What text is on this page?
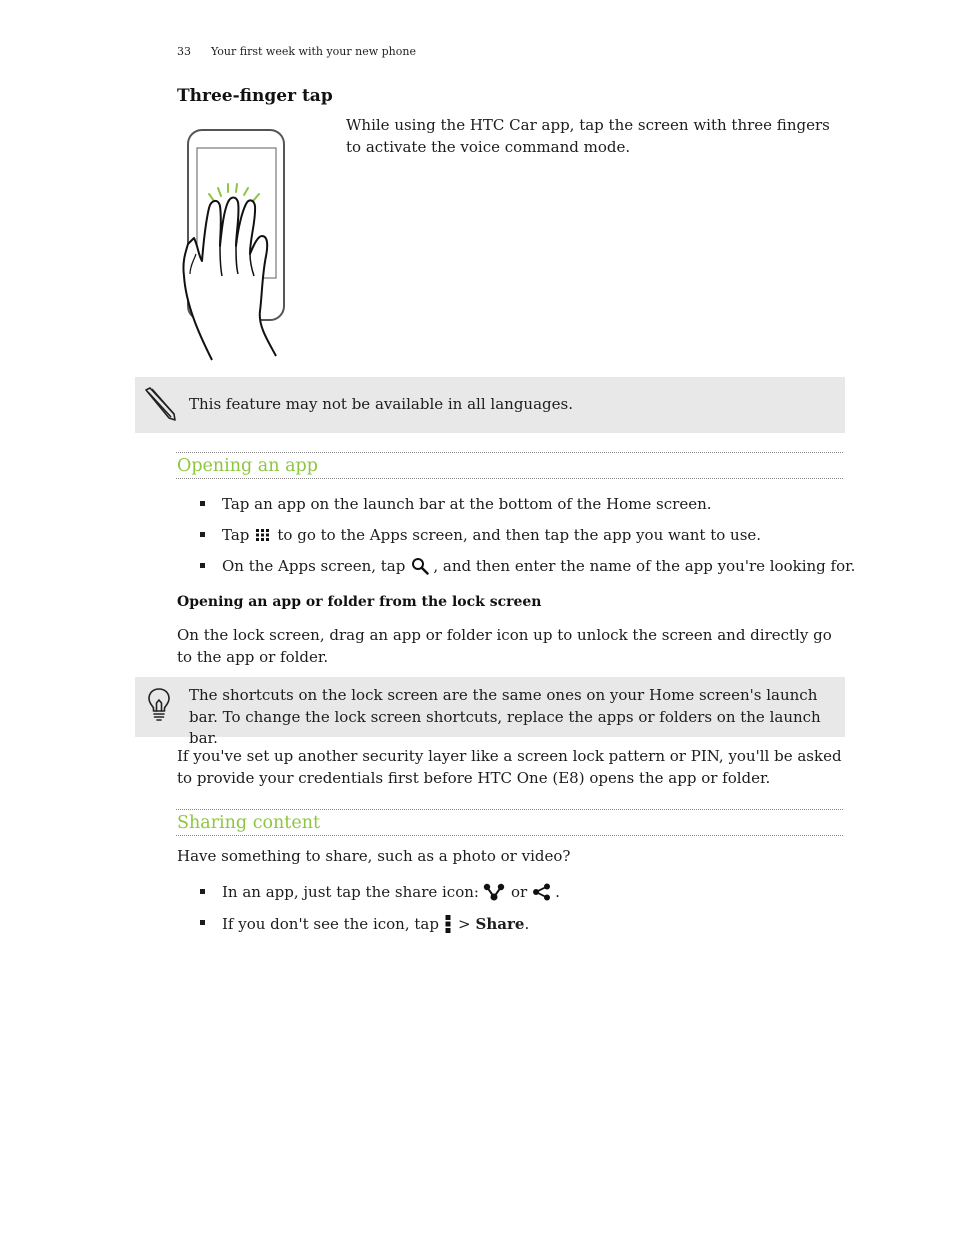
33 Your first week with your new phone
Three-finger tap
While using the HTC Car app, tap the screen with three fingers to activate the voice command mode.
This feature may not be available in all languages.
Opening an app
Tap an app on the launch bar at the bottom of the Home screen.
Tap to go to the Apps screen, and then tap the app you want to use.
On the Apps screen, tap , and then enter the name of the app you're looking for.
Opening an app or folder from the lock screen
On the lock screen, drag an app or folder icon up to unlock the screen and directly go to the app or folder.
The shortcuts on the lock screen are the same ones on your Home screen's launch bar. To change the lock screen shortcuts, replace the apps or folders on the launch bar.
If you've set up another security layer like a screen lock pattern or PIN, you'll be asked to provide your credentials first before HTC One (E8) opens the app or folder.
Sharing content
Have something to share, such as a photo or video?
In an app, just tap the share icon: or .
If you don't see the icon, tap > Share .
